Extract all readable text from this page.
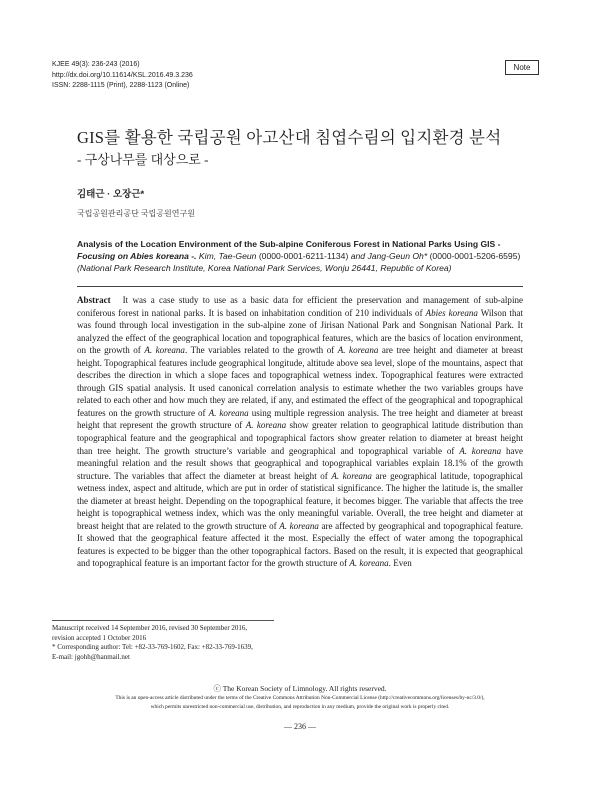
KJEE 49(3): 236-243 (2016)
http://dx.doi.org/10.11614/KSL.2016.49.3.236
ISSN: 2288-1115 (Print), 2288-1123 (Online)
Note
GIS를 활용한 국립공원 아고산대 침엽수림의 입지환경 분석
- 구상나무를 대상으로 -
김태근 · 오장근*
국립공원관리공단 국립공원연구원
Analysis of the Location Environment of the Sub-alpine Coniferous Forest in National Parks Using GIS - Focusing on Abies koreana -. Kim, Tae-Geun (0000-0001-6211-1134) and Jang-Geun Oh* (0000-0001-5206-6595) (National Park Research Institute, Korea National Park Services, Wonju 26441, Republic of Korea)
Abstract It was a case study to use as a basic data for efficient the preservation and management of sub-alpine coniferous forest in national parks. It is based on inhabitation condition of 210 individuals of Abies koreana Wilson that was found through local investigation in the sub-alpine zone of Jirisan National Park and Songnisan National Park. It analyzed the effect of the geographical location and topographical features, which are the basics of location environment, on the growth of A. koreana. The variables related to the growth of A. koreana are tree height and diameter at breast height. Topographical features include geographical longitude, altitude above sea level, slope of the mountains, aspect that describes the direction in which a slope faces and topographical wetness index. Topographical features were extracted through GIS spatial analysis. It used canonical correlation analysis to estimate whether the two variables groups have related to each other and how much they are related, if any, and estimated the effect of the geographical and topographical features on the growth structure of A. koreana using multiple regression analysis. The tree height and diameter at breast height that represent the growth structure of A. koreana show greater relation to geographical latitude distribution than topographical feature and the geographical and topographical factors show greater relation to diameter at breast height than tree height. The growth structure’s variable and geographical and topographical variable of A. koreana have meaningful relation and the result shows that geographical and topographical variables explain 18.1% of the growth structure. The variables that affect the diameter at breast height of A. koreana are geographical latitude, topographical wetness index, aspect and altitude, which are put in order of statistical significance. The higher the latitude is, the smaller the diameter at breast height. Depending on the topographical feature, it becomes bigger. The variable that affects the tree height is topographical wetness index, which was the only meaningful variable. Overall, the tree height and diameter at breast height that are related to the growth structure of A. koreana are affected by geographical and topographical feature. It showed that the geographical feature affected it the most. Especially the effect of water among the topographical features is expected to be bigger than the other topographical factors. Based on the result, it is expected that geographical and topographical feature is an important factor for the growth structure of A. koreana. Even
Manuscript received 14 September 2016, revised 30 September 2016,
revision accepted 1 October 2016
* Corresponding author: Tel: +82-33-769-1602, Fax: +82-33-769-1639,
E-mail: jgohh@hanmail.net
ⓒ The Korean Society of Limnology. All rights reserved.
This is an open-access article distributed under the terms of the Creative Commons Attribution Non-Commercial License (http://creativecommons.org/licenses/by-nc/3.0/),
which permits unrestricted non-commercial use, distribution, and reproduction in any medium, provide the original work is properly cited.
— 236 —
